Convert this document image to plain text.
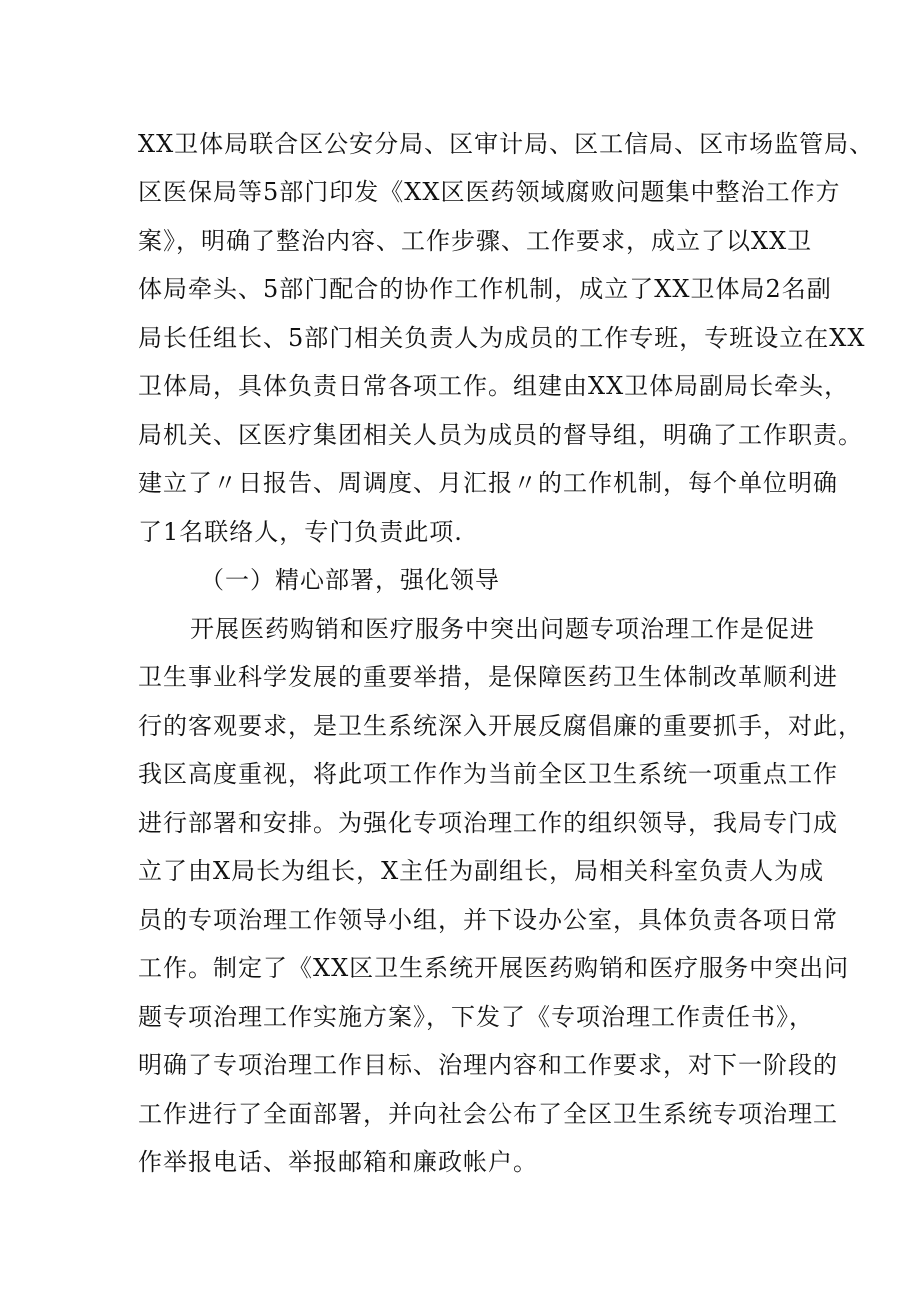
XX卫体局联合区公安分局、区审计局、区工信局、区市场监管局、
区医保局等5部门印发《XX区医药领域腐败问题集中整治工作方
案》，明确了整治内容、工作步骤、工作要求，成立了以XX卫
体局牵头、5部门配合的协作工作机制，成立了XX卫体局2名副
局长任组长、5部门相关负责人为成员的工作专班，专班设立在XX
卫体局，具体负责日常各项工作。组建由XX卫体局副局长牵头，
局机关、区医疗集团相关人员为成员的督导组，明确了工作职责。
建立了〃日报告、周调度、月汇报〃的工作机制，每个单位明确
了1名联络人，专门负责此项.
（一）精心部署，强化领导
开展医药购销和医疗服务中突出问题专项治理工作是促进
卫生事业科学发展的重要举措，是保障医药卫生体制改革顺利进
行的客观要求，是卫生系统深入开展反腐倡廉的重要抓手，对此，
我区高度重视，将此项工作作为当前全区卫生系统一项重点工作
进行部署和安排。为强化专项治理工作的组织领导，我局专门成
立了由X局长为组长，X主任为副组长，局相关科室负责人为成
员的专项治理工作领导小组，并下设办公室，具体负责各项日常
工作。制定了《XX区卫生系统开展医药购销和医疗服务中突出问
题专项治理工作实施方案》，下发了《专项治理工作责任书》，
明确了专项治理工作目标、治理内容和工作要求，对下一阶段的
工作进行了全面部署，并向社会公布了全区卫生系统专项治理工
作举报电话、举报邮箱和廉政帐户。
